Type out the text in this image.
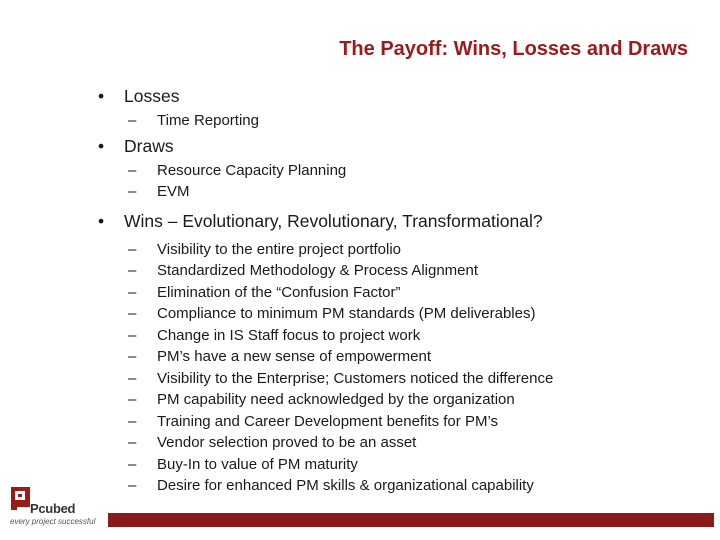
The Payoff: Wins, Losses and Draws
• Losses
– Time Reporting
• Draws
– Resource Capacity Planning
– EVM
• Wins – Evolutionary, Revolutionary, Transformational?
– Visibility to the entire project portfolio
– Standardized Methodology & Process Alignment
– Elimination of the “Confusion Factor”
– Compliance to minimum PM standards (PM deliverables)
– Change in IS Staff focus to project work
– PM’s have a new sense of empowerment
– Visibility to the Enterprise; Customers noticed the difference
– PM capability need acknowledged by the organization
– Training and Career Development benefits for PM’s
– Vendor selection proved to be an asset
– Buy-In to value of PM maturity
– Desire for enhanced PM skills & organizational capability
Pcubed
every project successful
